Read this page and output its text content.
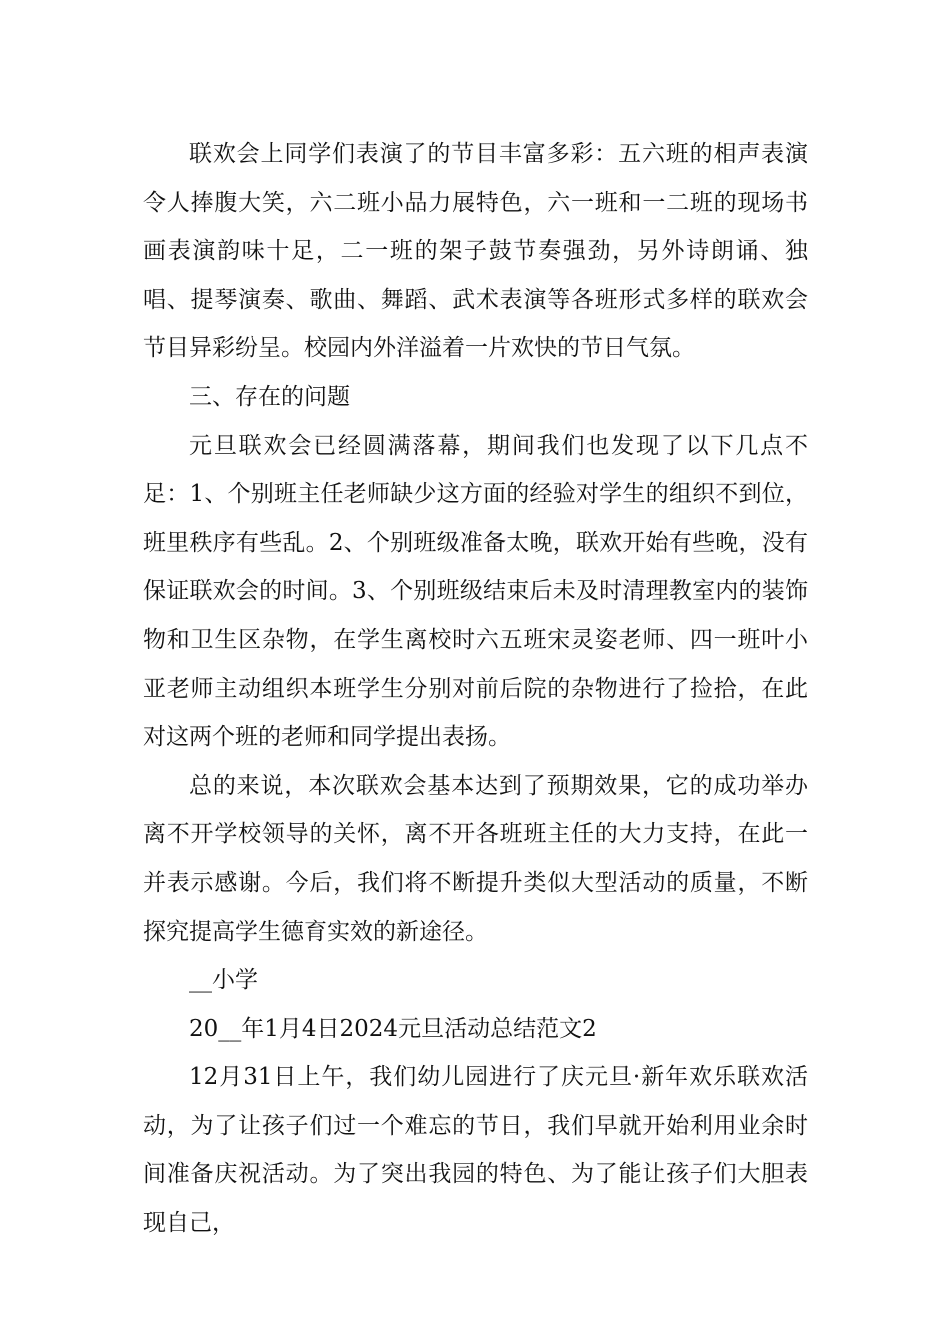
联欢会上同学们表演了的节目丰富多彩：五六班的相声表演令人捧腹大笑，六二班小品力展特色，六一班和一二班的现场书画表演韵味十足，二一班的架子鼓节奏强劲，另外诗朗诵、独唱、提琴演奏、歌曲、舞蹈、武术表演等各班形式多样的联欢会节目异彩纷呈。校园内外洋溢着一片欢快的节日气氛。

三、存在的问题

元旦联欢会已经圆满落幕，期间我们也发现了以下几点不足：1、个别班主任老师缺少这方面的经验对学生的组织不到位，班里秩序有些乱。2、个别班级准备太晚，联欢开始有些晚，没有保证联欢会的时间。3、个别班级结束后未及时清理教室内的装饰物和卫生区杂物，在学生离校时六五班宋灵姿老师、四一班叶小亚老师主动组织本班学生分别对前后院的杂物进行了捡拾，在此对这两个班的老师和同学提出表扬。

总的来说，本次联欢会基本达到了预期效果，它的成功举办离不开学校领导的关怀，离不开各班班主任的大力支持，在此一并表示感谢。今后，我们将不断提升类似大型活动的质量，不断探究提高学生德育实效的新途径。

__小学

20__年1月4日2024元旦活动总结范文2

12月31日上午，我们幼儿园进行了庆元旦·新年欢乐联欢活动，为了让孩子们过一个难忘的节日，我们早就开始利用业余时间准备庆祝活动。为了突出我园的特色、为了能让孩子们大胆表现自己，
